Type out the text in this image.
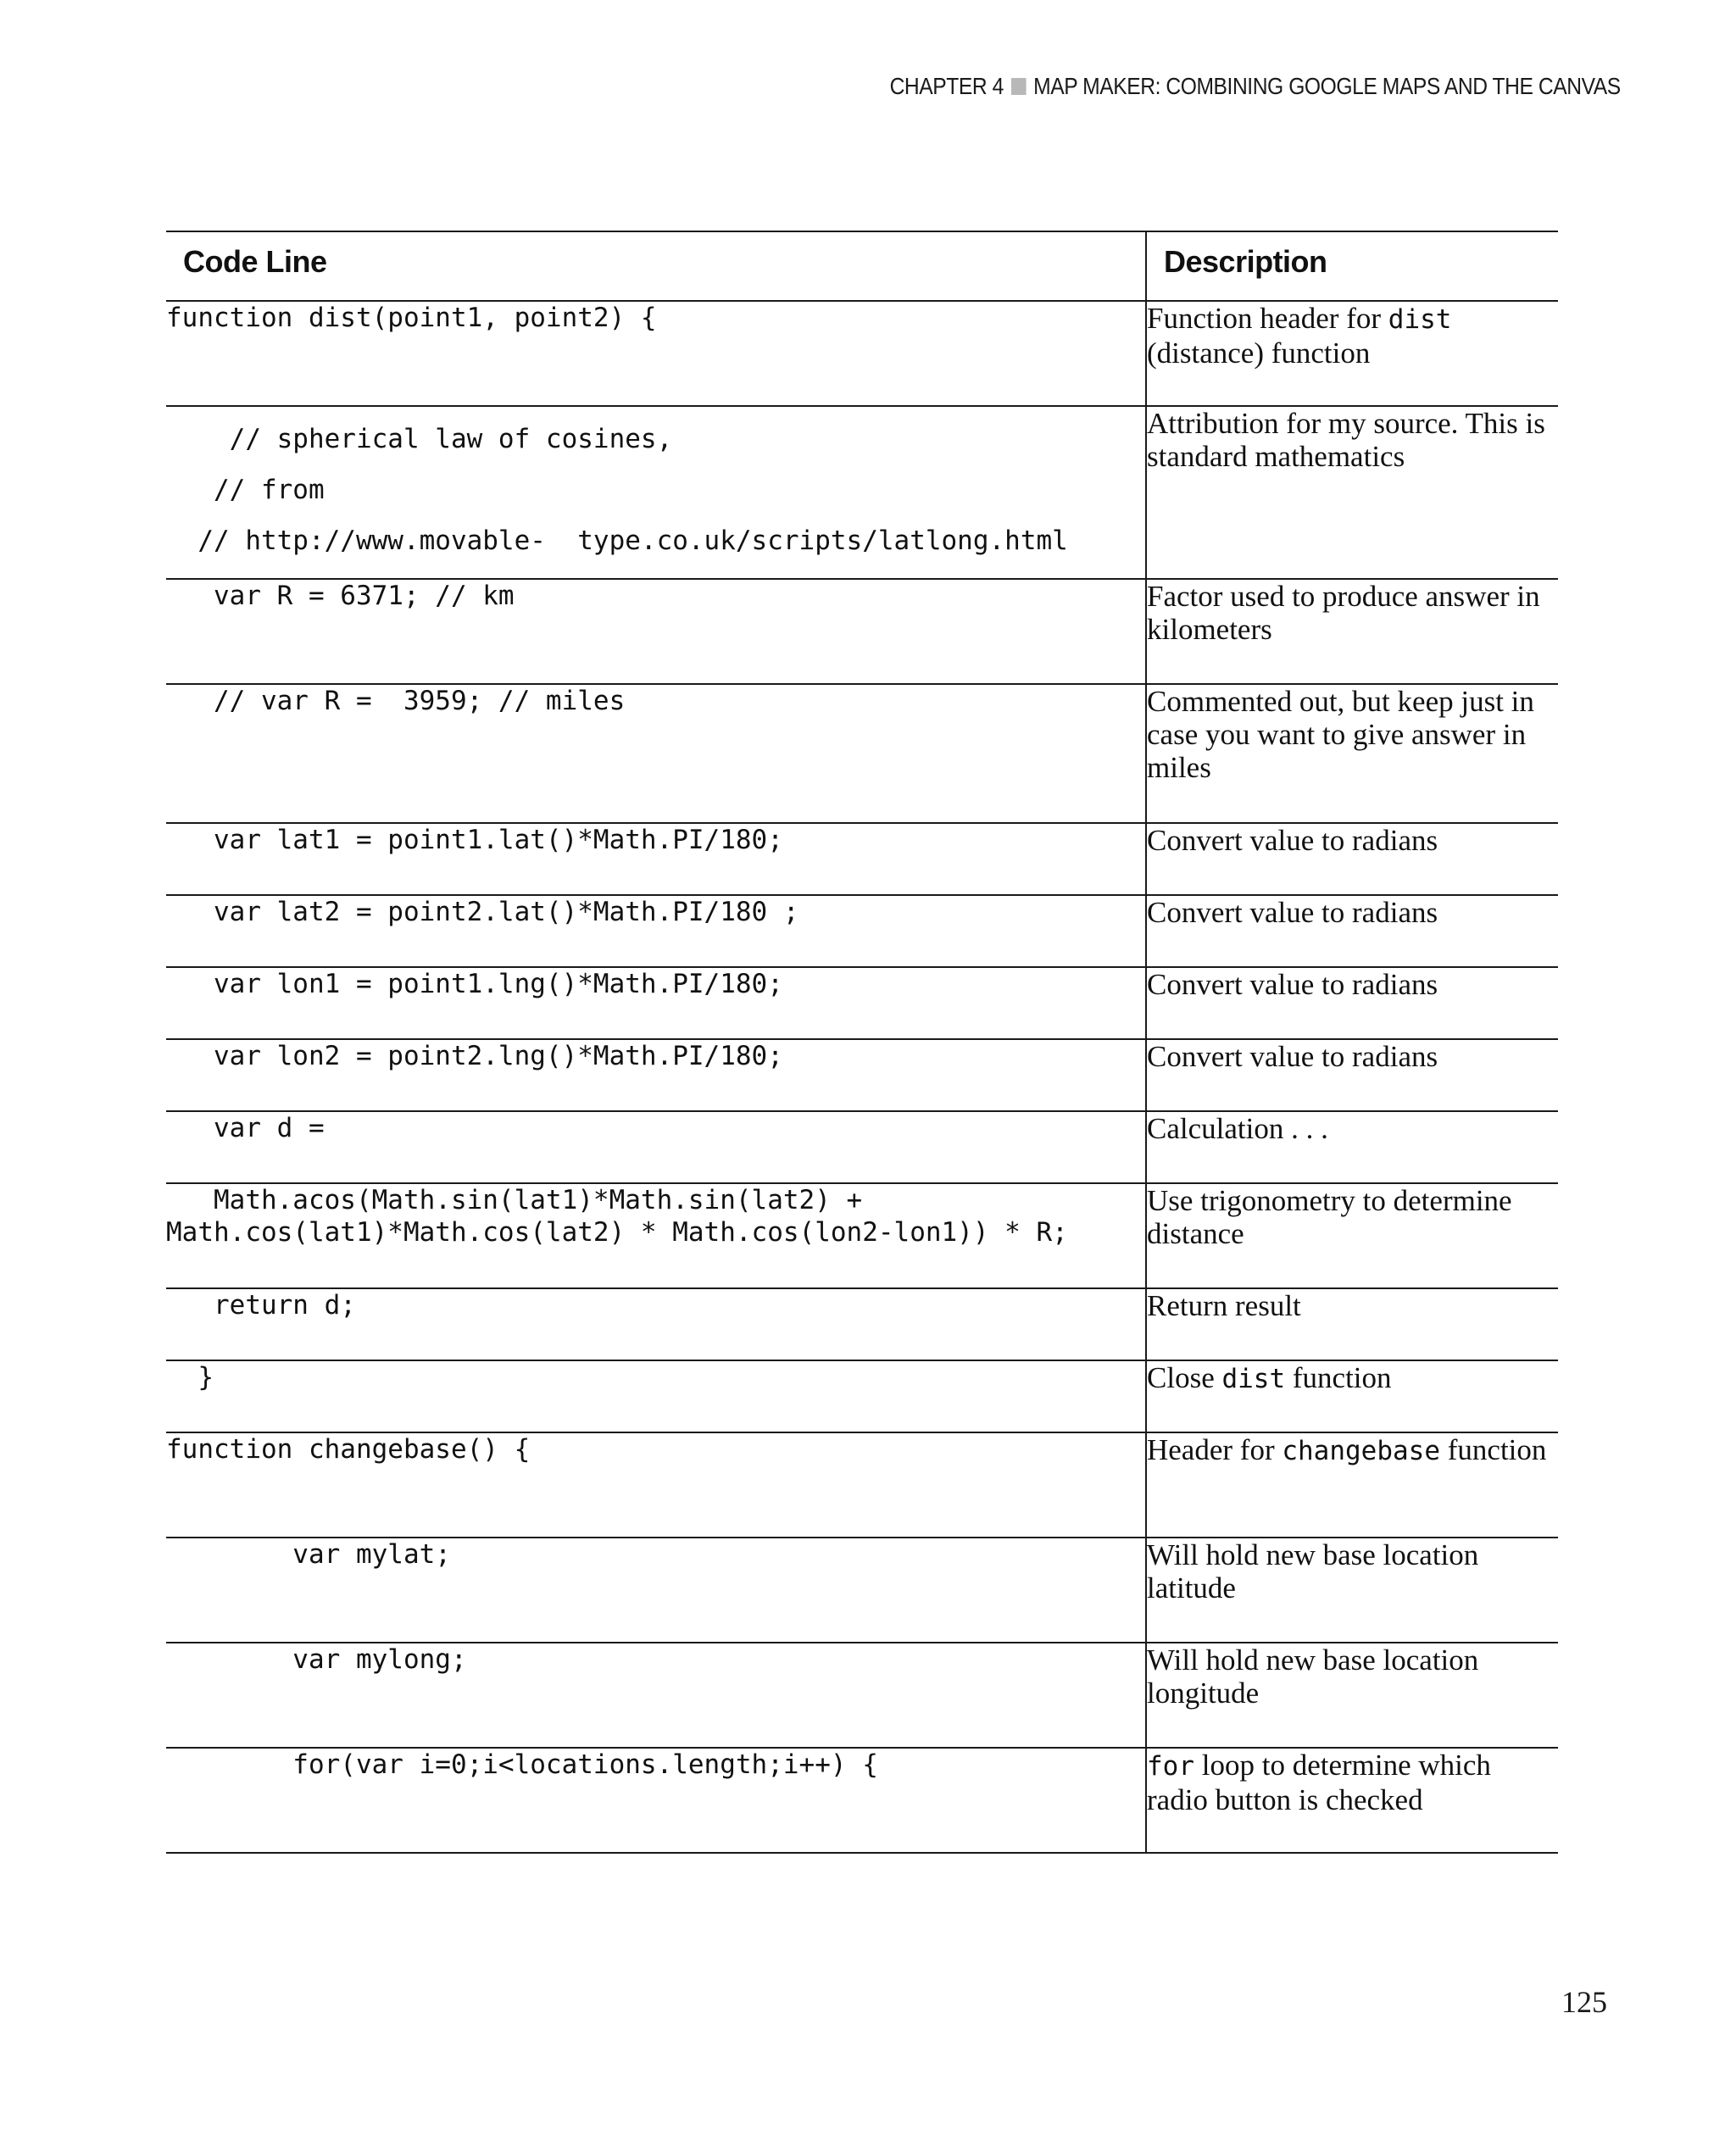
CHAPTER 4 MAP MAKER: COMBINING GOOGLE MAPS AND THE CANVAS
Code Line	Description

function dist(point1, point2) {	Function header for dist (distance) function

// spherical law of cosines,
// from
// http://www.movable-  type.co.uk/scripts/latlong.html	Attribution for my source. This is standard mathematics

var R = 6371; // km	Factor used to produce answer in kilometers

// var R =  3959; // miles	Commented out, but keep just in case you want to give answer in miles

var lat1 = point1.lat()*Math.PI/180;	Convert value to radians

var lat2 = point2.lat()*Math.PI/180 ;	Convert value to radians

var lon1 = point1.lng()*Math.PI/180;	Convert value to radians

var lon2 = point2.lng()*Math.PI/180;	Convert value to radians

var d =	Calculation . . .

Math.acos(Math.sin(lat1)*Math.sin(lat2) +
Math.cos(lat1)*Math.cos(lat2) * Math.cos(lon2-lon1)) * R;	Use trigonometry to determine distance

return d;	Return result

}	Close dist function

function changebase() {	Header for changebase function

var mylat;	Will hold new base location latitude

var mylong;	Will hold new base location longitude

for(var i=0;i<locations.length;i++) {	for loop to determine which radio button is checked
125
